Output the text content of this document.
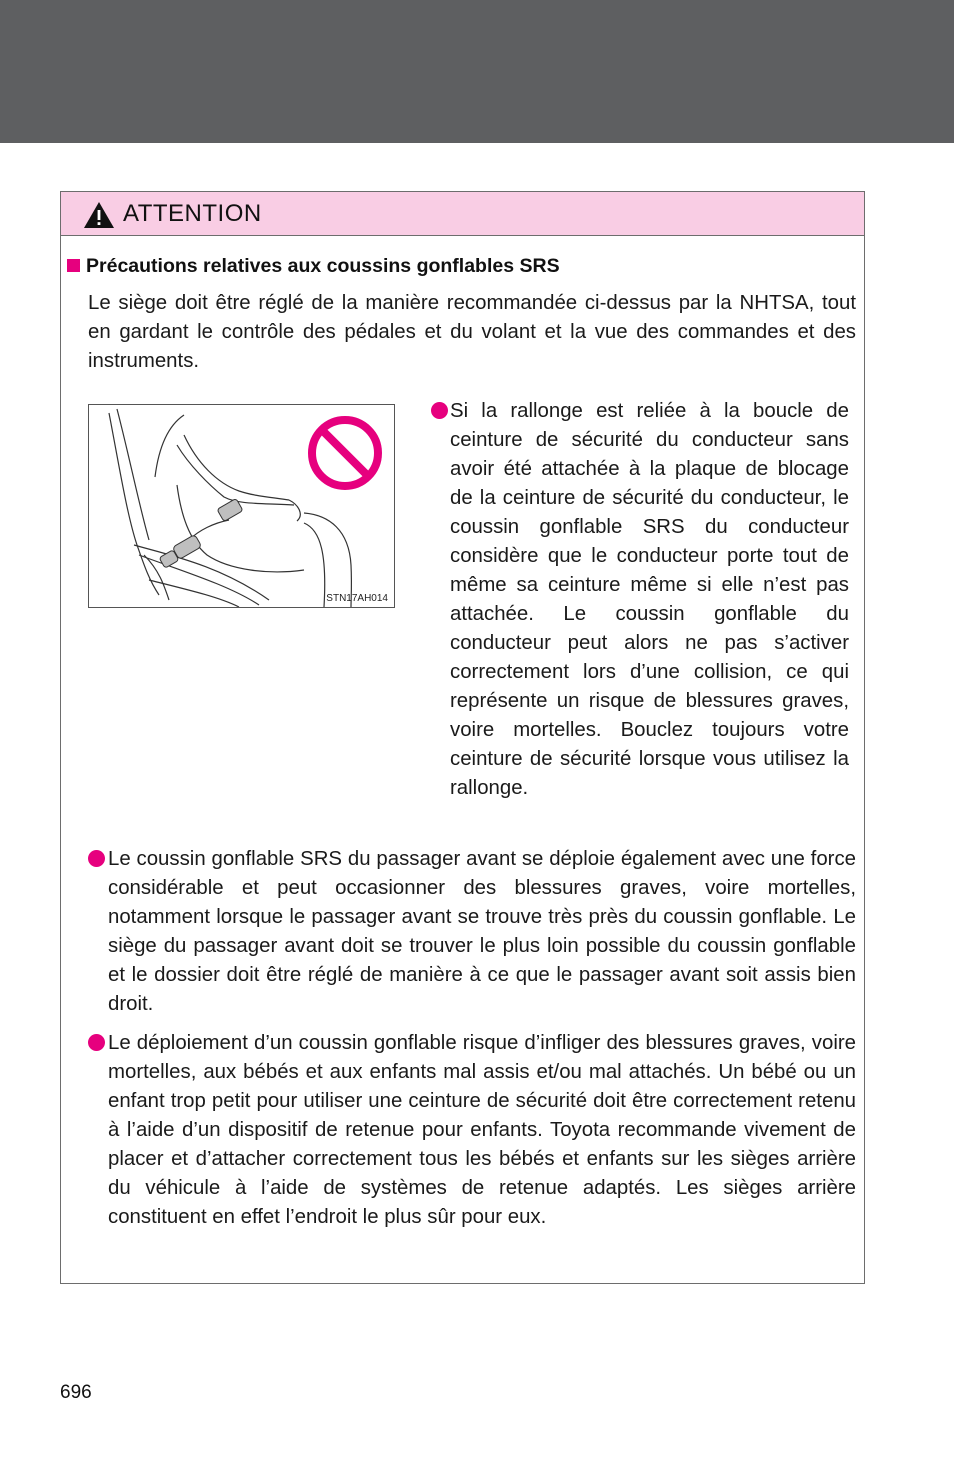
ATTENTION
Précautions relatives aux coussins gonflables SRS
Le siège doit être réglé de la manière recommandée ci-dessus par la NHTSA, tout en gardant le contrôle des pédales et du volant et la vue des commandes et des instruments.
STN17AH014
Si la rallonge est reliée à la boucle de ceinture de sécurité du conducteur sans avoir été attachée à la plaque de blocage de la ceinture de sécurité du conducteur, le coussin gonflable SRS du conducteur considère que le conducteur porte tout de même sa ceinture même si elle n’est pas attachée. Le coussin gonflable du conducteur peut alors ne pas s’activer correctement lors d’une collision, ce qui représente un risque de blessures graves, voire mortelles. Bouclez toujours votre ceinture de sécurité lorsque vous utilisez la rallonge.
Le coussin gonflable SRS du passager avant se déploie également avec une force considérable et peut occasionner des blessures graves, voire mortelles, notamment lorsque le passager avant se trouve très près du coussin gonflable. Le siège du passager avant doit se trouver le plus loin possible du coussin gonflable et le dossier doit être réglé de manière à ce que le passager avant soit assis bien droit.
Le déploiement d’un coussin gonflable risque d’infliger des blessures graves, voire mortelles, aux bébés et aux enfants mal assis et/ou mal attachés. Un bébé ou un enfant trop petit pour utiliser une ceinture de sécurité doit être correctement retenu à l’aide d’un dispositif de retenue pour enfants. Toyota recommande vivement de placer et d’attacher correctement tous les bébés et enfants sur les sièges arrière du véhicule à l’aide de systèmes de retenue adaptés. Les sièges arrière constituent en effet l’endroit le plus sûr pour eux.
696
